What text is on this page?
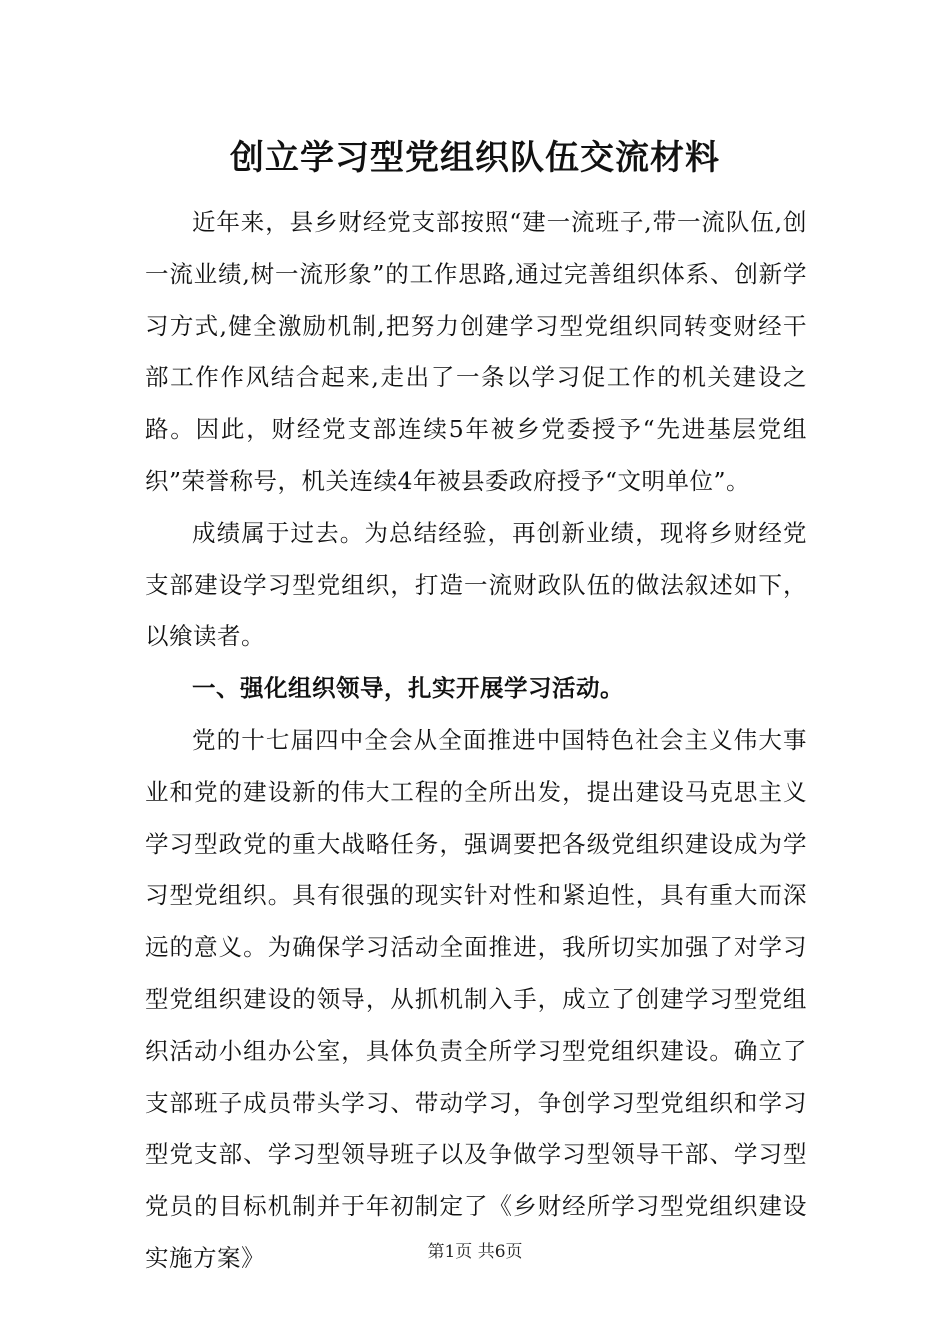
创立学习型党组织队伍交流材料

近年来，县乡财经党支部按照“建一流班子,带一流队伍,创一流业绩,树一流形象”的工作思路,通过完善组织体系、创新学习方式,健全激励机制,把努力创建学习型党组织同转变财经干部工作作风结合起来,走出了一条以学习促工作的机关建设之路。因此，财经党支部连续5年被乡党委授予“先进基层党组织”荣誉称号，机关连续4年被县委政府授予“文明单位”。

成绩属于过去。为总结经验，再创新业绩，现将乡财经党支部建设学习型党组织，打造一流财政队伍的做法叙述如下，以飨读者。

一、强化组织领导，扎实开展学习活动。

党的十七届四中全会从全面推进中国特色社会主义伟大事业和党的建设新的伟大工程的全所出发，提出建设马克思主义学习型政党的重大战略任务，强调要把各级党组织建设成为学习型党组织。具有很强的现实针对性和紧迫性，具有重大而深远的意义。为确保学习活动全面推进，我所切实加强了对学习型党组织建设的领导，从抓机制入手，成立了创建学习型党组织活动小组办公室，具体负责全所学习型党组织建设。确立了支部班子成员带头学习、带动学习，争创学习型党组织和学习型党支部、学习型领导班子以及争做学习型领导干部、学习型党员的目标机制并于年初制定了《乡财经所学习型党组织建设实施方案》	第1页 共6页
